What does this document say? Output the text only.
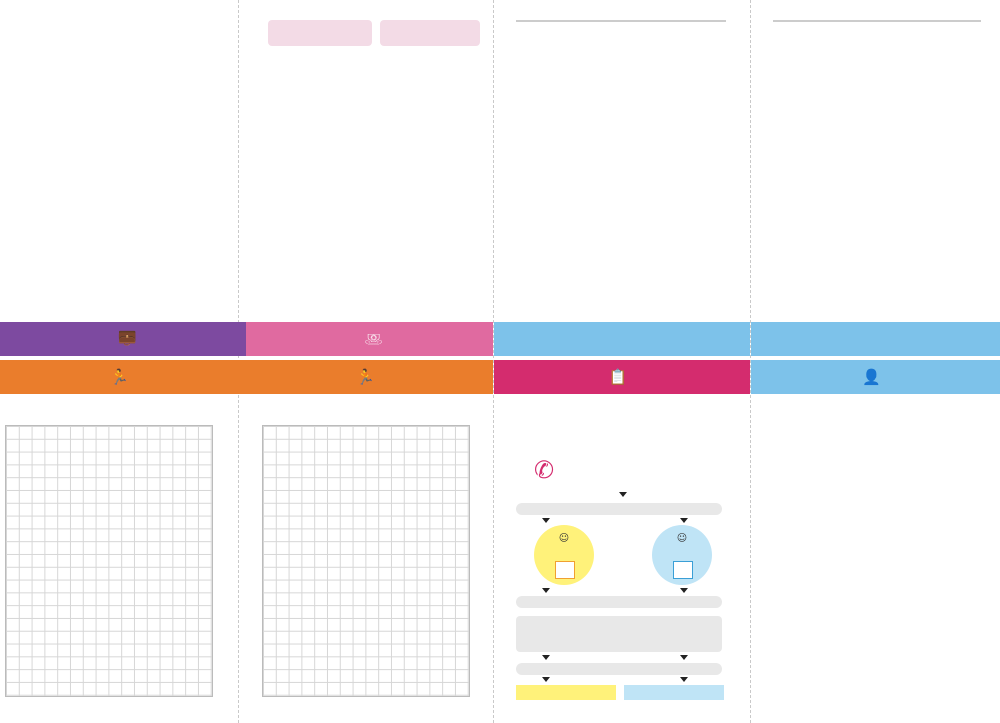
💼
🏃
☏
🏃	📋
✆
☺	☺
👤
